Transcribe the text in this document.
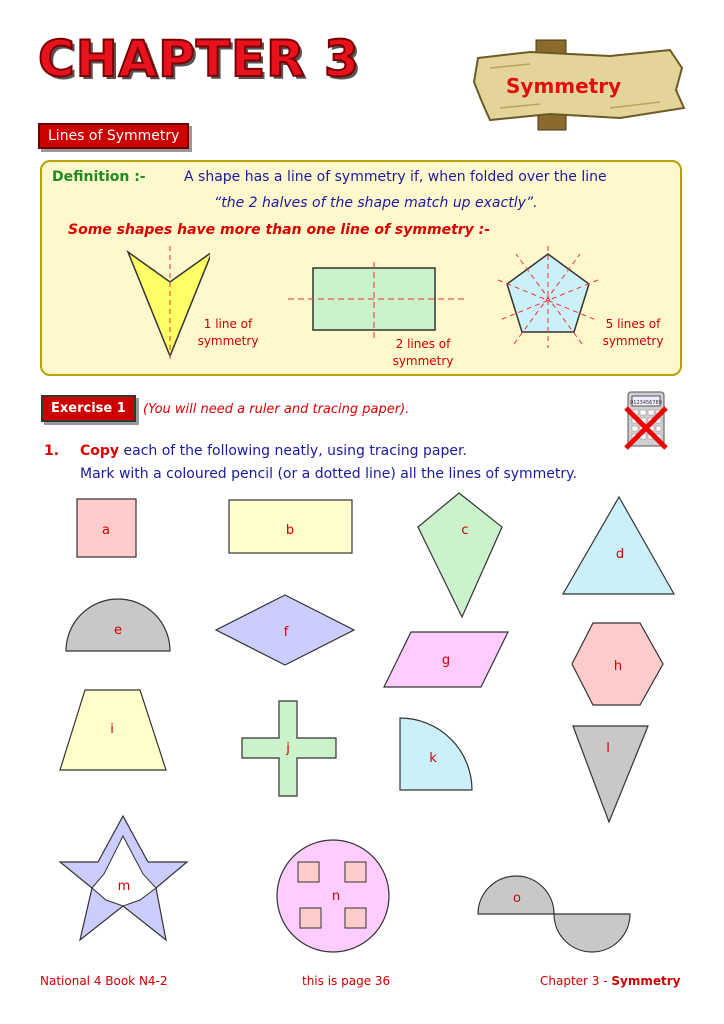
CHAPTER 3	Symmetry
Lines of Symmetry
Definition :-	A shape has a line of symmetry if, when folded over the line
“the 2 halves of the shape match up exactly”.
Some shapes have more than one line of symmetry :-
1 line of
symmetry	2 lines of
symmetry
5 lines of
symmetry
Exercise 1	(You will need a ruler and tracing paper).	0123456789
1. Copy each of the following neatly, using tracing paper.
Mark with a coloured pencil (or a dotted line) all the lines of symmetry.
a	b	c
d
e	f
g	h
i
j
k
l
m
n	o
National 4 Book N4-2	this is page 36	Chapter 3 - Symmetry
